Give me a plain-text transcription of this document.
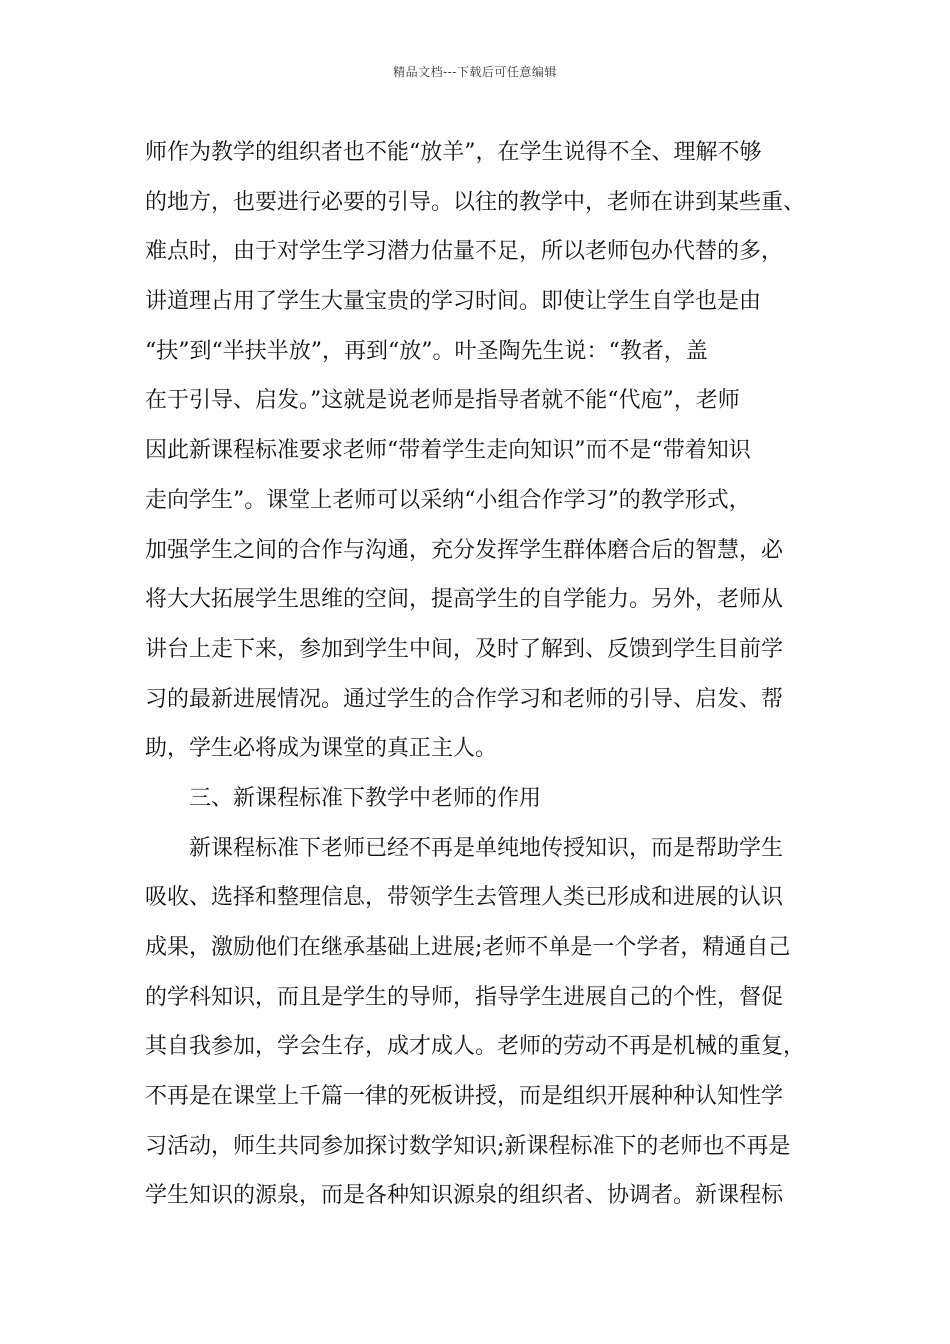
精品文档---下载后可任意编辑
师作为教学的组织者也不能“放羊”，在学生说得不全、理解不够
的地方，也要进行必要的引导。以往的教学中，老师在讲到某些重、
难点时，由于对学生学习潜力估量不足，所以老师包办代替的多，
讲道理占用了学生大量宝贵的学习时间。即使让学生自学也是由
“扶”到“半扶半放”，再到“放”。叶圣陶先生说：“教者，盖
在于引导、启发。”这就是说老师是指导者就不能“代庖”，老师
因此新课程标准要求老师“带着学生走向知识”而不是“带着知识
走向学生”。课堂上老师可以采纳“小组合作学习”的教学形式，
加强学生之间的合作与沟通，充分发挥学生群体磨合后的智慧，必
将大大拓展学生思维的空间，提高学生的自学能力。另外，老师从
讲台上走下来，参加到学生中间，及时了解到、反馈到学生目前学
习的最新进展情况。通过学生的合作学习和老师的引导、启发、帮
助，学生必将成为课堂的真正主人。
三、新课程标准下教学中老师的作用
新课程标准下老师已经不再是单纯地传授知识，而是帮助学生
吸收、选择和整理信息，带领学生去管理人类已形成和进展的认识
成果，激励他们在继承基础上进展;老师不单是一个学者，精通自己
的学科知识，而且是学生的导师，指导学生进展自己的个性，督促
其自我参加，学会生存，成才成人。老师的劳动不再是机械的重复，
不再是在课堂上千篇一律的死板讲授，而是组织开展种种认知性学
习活动，师生共同参加探讨数学知识;新课程标准下的老师也不再是
学生知识的源泉，而是各种知识源泉的组织者、协调者。新课程标
